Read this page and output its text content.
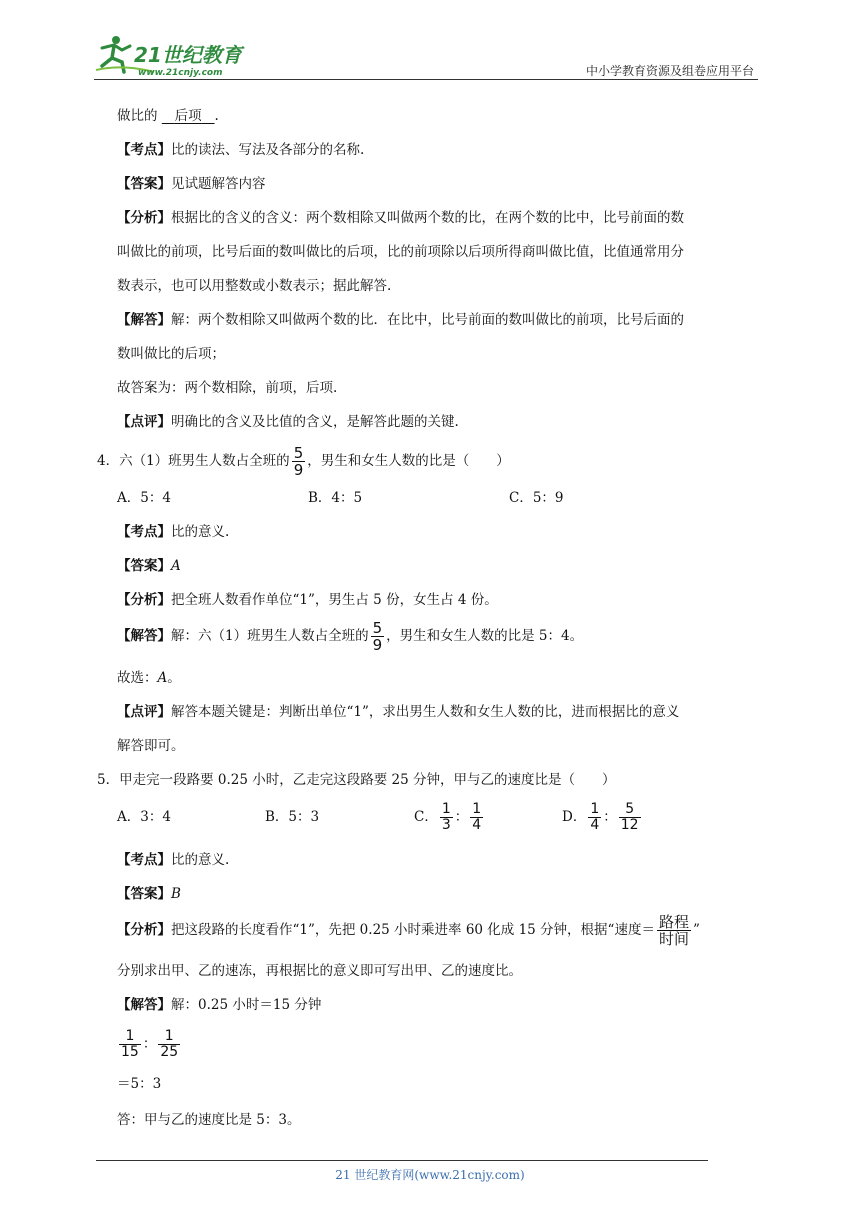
21世纪教育
www.21cnjy.com	中小学教育资源及组卷应用平台
做比的 后项 .
【考点】比的读法、写法及各部分的名称.
【答案】见试题解答内容
【分析】根据比的含义的含义：两个数相除又叫做两个数的比，在两个数的比中，比号前面的数
叫做比的前项，比号后面的数叫做比的后项，比的前项除以后项所得商叫做比值，比值通常用分
数表示，也可以用整数或小数表示；据此解答.
【解答】解：两个数相除又叫做两个数的比．在比中，比号前面的数叫做比的前项，比号后面的
数叫做比的后项；
故答案为：两个数相除，前项，后项.
【点评】明确比的含义及比值的含义，是解答此题的关键.
4．六（1）班男生人数占全班的 $\frac{5}{9}$ ，男生和女生人数的比是（　　）
A．5：4	B．4：5	C．5：9
【考点】比的意义.
【答案】A
【分析】把全班人数看作单位“1”，男生占 5 份，女生占 4 份。
【解答】解：六（1）班男生人数占全班的 $\frac{5}{9}$ ，男生和女生人数的比是 5：4。
故选：A。
【点评】解答本题关键是：判断出单位“1”，求出男生人数和女生人数的比，进而根据比的意义
解答即可。
5．甲走完一段路要 0.25 小时，乙走完这段路要 25 分钟，甲与乙的速度比是（　　）
A．3：4	B．5：3	C． $\frac{1}{3}$ ： $\frac{1}{4}$	D． $\frac{1}{4}$ ： $\frac{5}{12}$
【考点】比的意义.
【答案】B
【分析】把这段路的长度看作“1”，先把 0.25 小时乘进率 60 化成 15 分钟，根据“速度＝ $\frac{\text{路程}}{\text{时间}}$ ”
分别求出甲、乙的速冻，再根据比的意义即可写出甲、乙的速度比。
【解答】解：0.25 小时＝15 分钟
$\frac{1}{15}$ ： $\frac{1}{25}$
＝5：3
答：甲与乙的速度比是 5：3。
21 世纪教育网(www.21cnjy.com)
